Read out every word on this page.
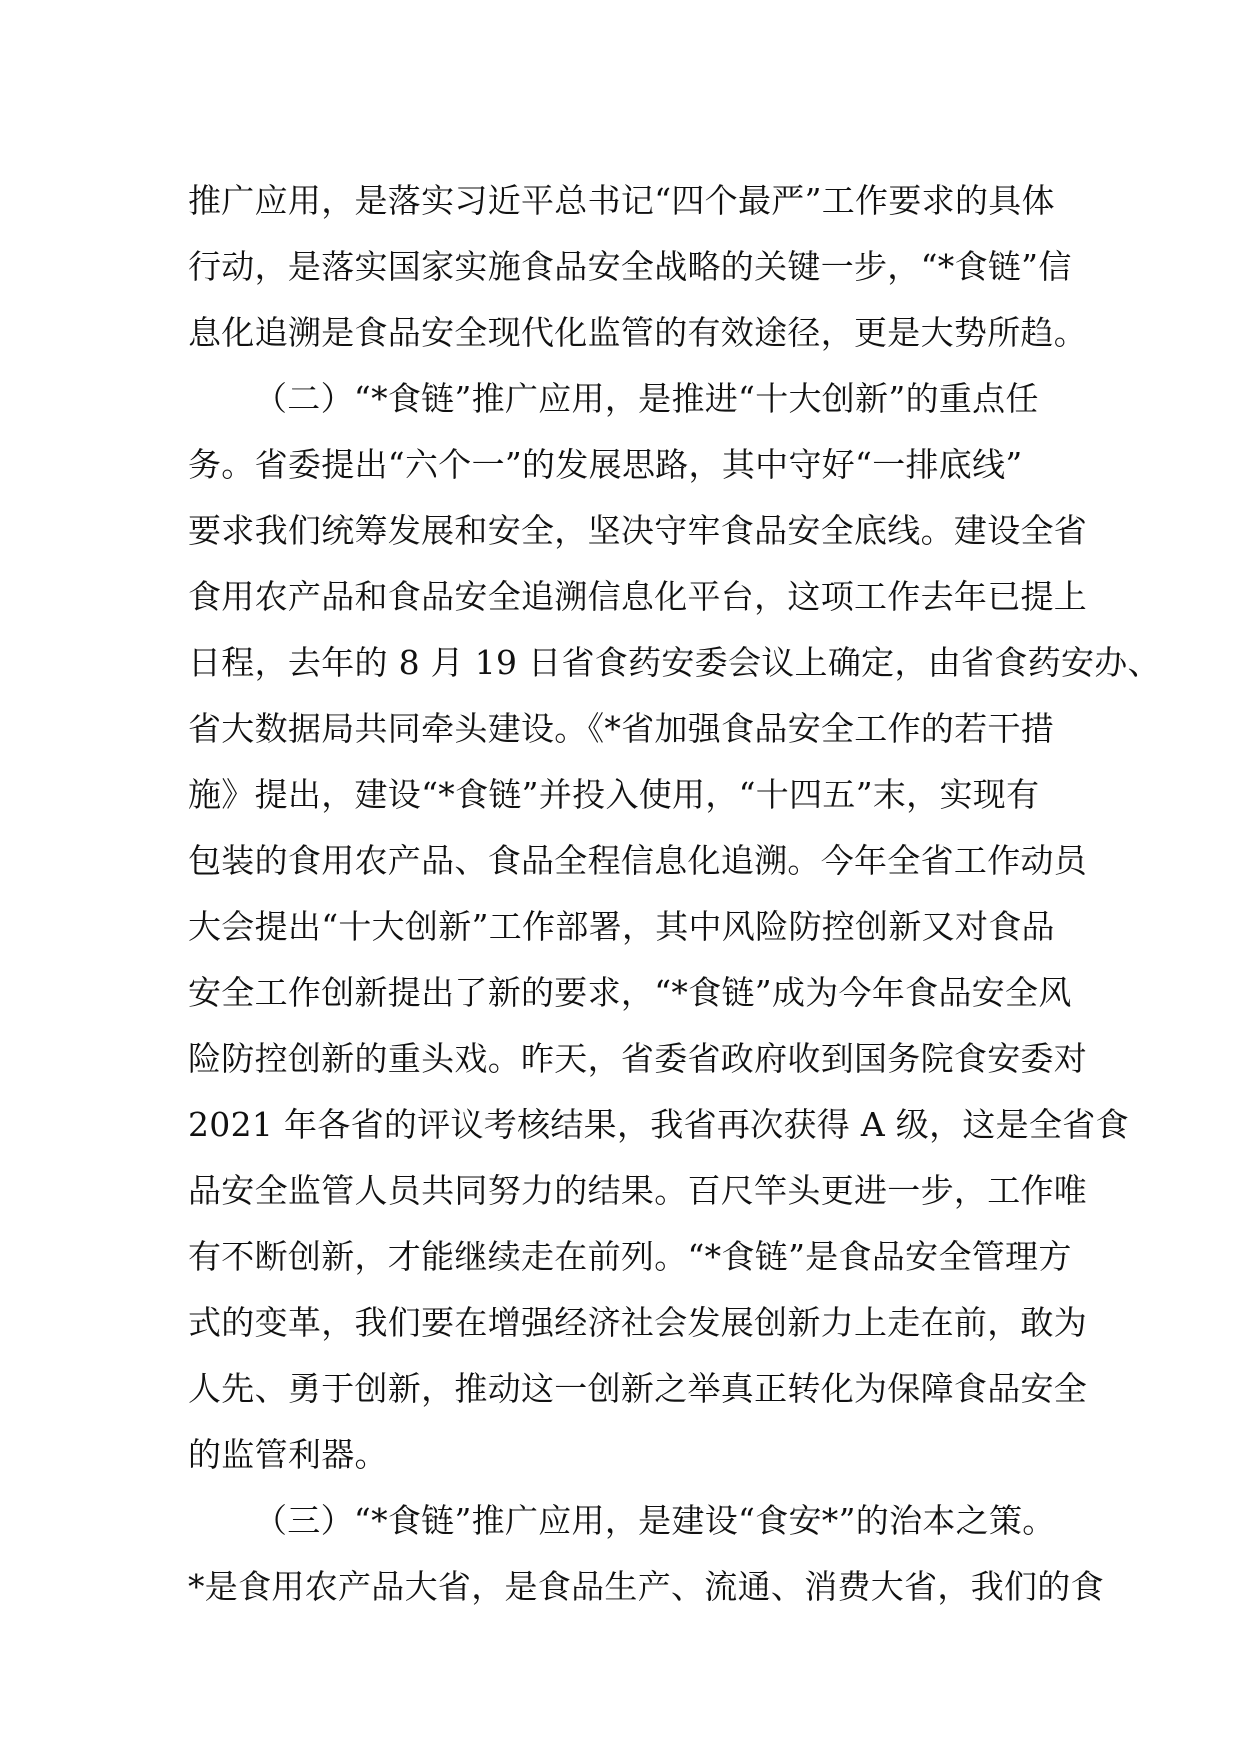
推广应用，是落实习近平总书记“四个最严”工作要求的具体
行动，是落实国家实施食品安全战略的关键一步，“*食链”信
息化追溯是食品安全现代化监管的有效途径，更是大势所趋。
（二）“*食链”推广应用，是推进“十大创新”的重点任
务。省委提出“六个一”的发展思路，其中守好“一排底线”
要求我们统筹发展和安全，坚决守牢食品安全底线。建设全省
食用农产品和食品安全追溯信息化平台，这项工作去年已提上
日程，去年的 8 月 19 日省食药安委会议上确定，由省食药安办、
省大数据局共同牵头建设。《*省加强食品安全工作的若干措
施》提出，建设“*食链”并投入使用，“十四五”末，实现有
包装的食用农产品、食品全程信息化追溯。今年全省工作动员
大会提出“十大创新”工作部署，其中风险防控创新又对食品
安全工作创新提出了新的要求，“*食链”成为今年食品安全风
险防控创新的重头戏。昨天，省委省政府收到国务院食安委对
2021 年各省的评议考核结果，我省再次获得 A 级，这是全省食
品安全监管人员共同努力的结果。百尺竿头更进一步，工作唯
有不断创新，才能继续走在前列。“*食链”是食品安全管理方
式的变革，我们要在增强经济社会发展创新力上走在前，敢为
人先、勇于创新，推动这一创新之举真正转化为保障食品安全
的监管利器。
（三）“*食链”推广应用，是建设“食安*”的治本之策。
*是食用农产品大省，是食品生产、流通、消费大省，我们的食
